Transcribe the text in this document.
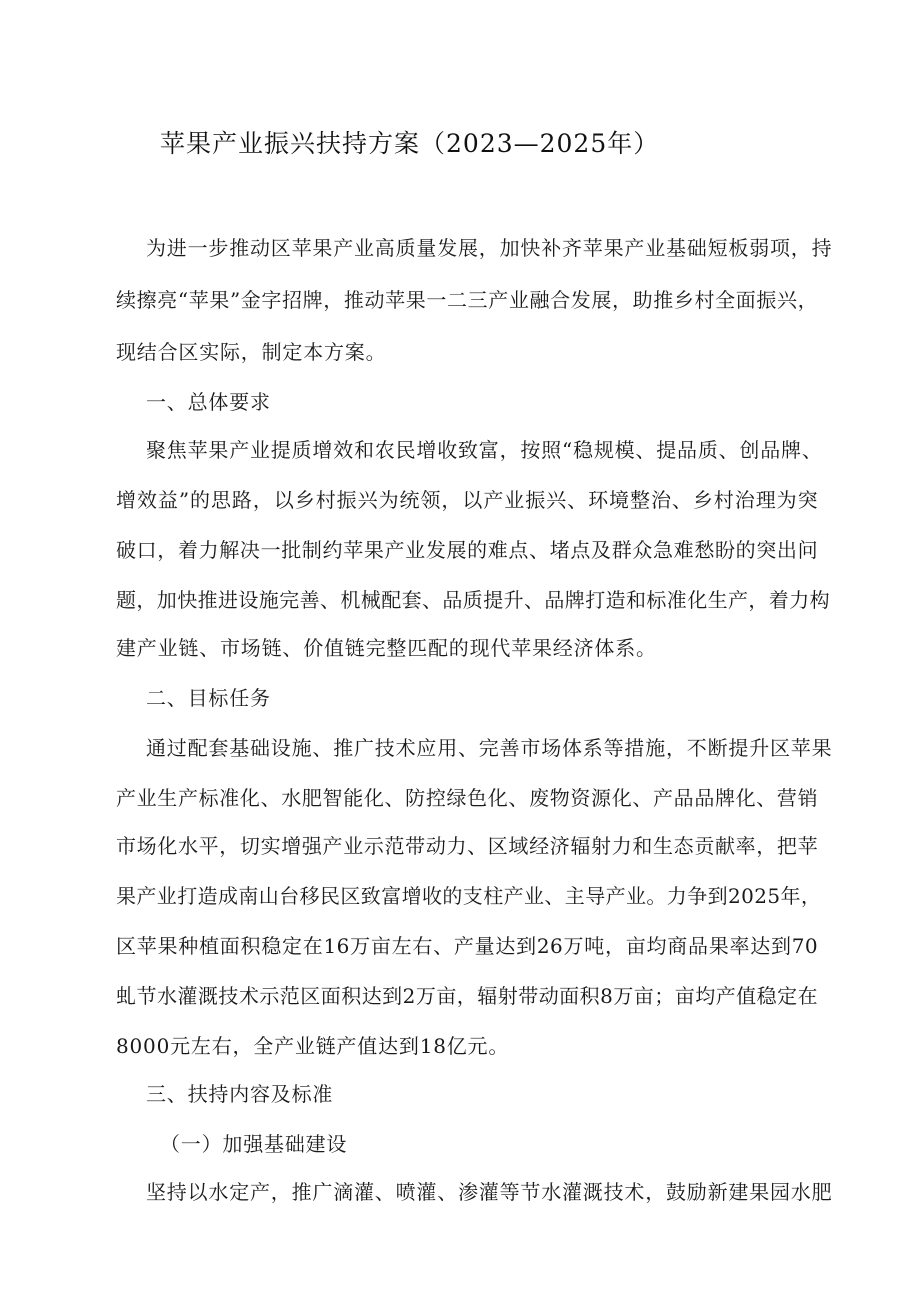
苹果产业振兴扶持方案（2023—2025年）
为进一步推动区苹果产业高质量发展，加快补齐苹果产业基础短板弱项，持
续擦亮“苹果”金字招牌，推动苹果一二三产业融合发展，助推乡村全面振兴，
现结合区实际，制定本方案。
一、总体要求
聚焦苹果产业提质增效和农民增收致富，按照“稳规模、提品质、创品牌、
增效益”的思路，以乡村振兴为统领，以产业振兴、环境整治、乡村治理为突
破口，着力解决一批制约苹果产业发展的难点、堵点及群众急难愁盼的突出问
题，加快推进设施完善、机械配套、品质提升、品牌打造和标准化生产，着力构
建产业链、市场链、价值链完整匹配的现代苹果经济体系。
二、目标任务
通过配套基础设施、推广技术应用、完善市场体系等措施，不断提升区苹果
产业生产标准化、水肥智能化、防控绿色化、废物资源化、产品品牌化、营销
市场化水平，切实增强产业示范带动力、区域经济辐射力和生态贡献率，把苹
果产业打造成南山台移民区致富增收的支柱产业、主导产业。力争到2025年，
区苹果种植面积稳定在16万亩左右、产量达到26万吨，亩均商品果率达到70
虬节水灌溉技术示范区面积达到2万亩，辐射带动面积8万亩；亩均产值稳定在
8000元左右，全产业链产值达到18亿元。
三、扶持内容及标准
（一）加强基础建设
坚持以水定产，推广滴灌、喷灌、渗灌等节水灌溉技术，鼓励新建果园水肥
